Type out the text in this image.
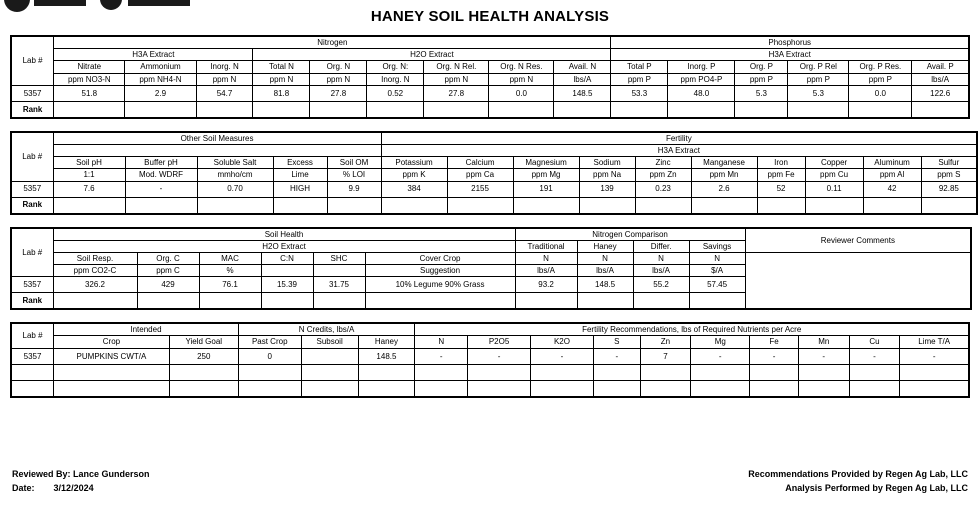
HANEY SOIL HEALTH ANALYSIS
Lab #	Nitrogen									Phosphorus					
	H3A Extract			H2O Extract						H3A Extract					
	Nitrate	Ammonium	Inorg. N	Total N	Org. N	Org. N:	Org. N Rel.	Org. N Res.	Avail. N	Total P	Inorg. P	Org. P	Org. P Rel	Org. P Res.	Avail. P
	ppm NO3-N	ppm NH4-N	ppm N	ppm N	ppm N	Inorg. N	ppm N	ppm N	lbs/A	ppm P	ppm PO4-P	ppm P	ppm P	ppm P	lbs/A
5357	51.8	2.9	54.7	81.8	27.8	0.52	27.8	0.0	148.5	53.3	48.0	5.3	5.3	0.0	122.6
Rank															
Lab #	Other Soil Measures					Fertility									
						H3A Extract									
	Soil pH	Buffer pH	Soluble Salt	Excess	Soil OM	Potassium	Calcium	Magnesium	Sodium	Zinc	Manganese	Iron	Copper	Aluminum	Sulfur
	1:1	Mod. WDRF	mmho/cm	Lime	% LOI	ppm K	ppm Ca	ppm Mg	ppm Na	ppm Zn	ppm Mn	ppm Fe	ppm Cu	ppm Al	ppm S
5357	7.6	-	0.70	HIGH	9.9	384	2155	191	139	0.23	2.6	52	0.11	42	92.85
Rank															
Lab #	Soil Health						Nitrogen Comparison				Reviewer Comments
	H2O Extract						Traditional	Haney	Differ.	Savings	
	Soil Resp.	Org. C	MAC	C:N	SHC	Cover Crop	N	N	N	N	
	ppm CO2-C	ppm C	%			Suggestion	lbs/A	lbs/A	lbs/A	$/A	
5357	326.2	429	76.1	15.39	31.75	10% Legume 90% Grass	93.2	148.5	55.2	57.45	
Rank											
Lab #	Intended		N Credits, lbs/A			Fertility Recommendations, lbs of Required Nutrients per Acre									
	Crop	Yield Goal	Past Crop	Subsoil	Haney	N	P2O5	K2O	S	Zn	Mg	Fe	Mn	Cu	Lime T/A
5357	PUMPKINS CWT/A	250	0		148.5	-	-	-	-	7	-	-	-	-	-

Reviewed By: Lance Gunderson
Date: 3/12/2024
Recommendations Provided by Regen Ag Lab, LLC
Analysis Performed by Regen Ag Lab, LLC
